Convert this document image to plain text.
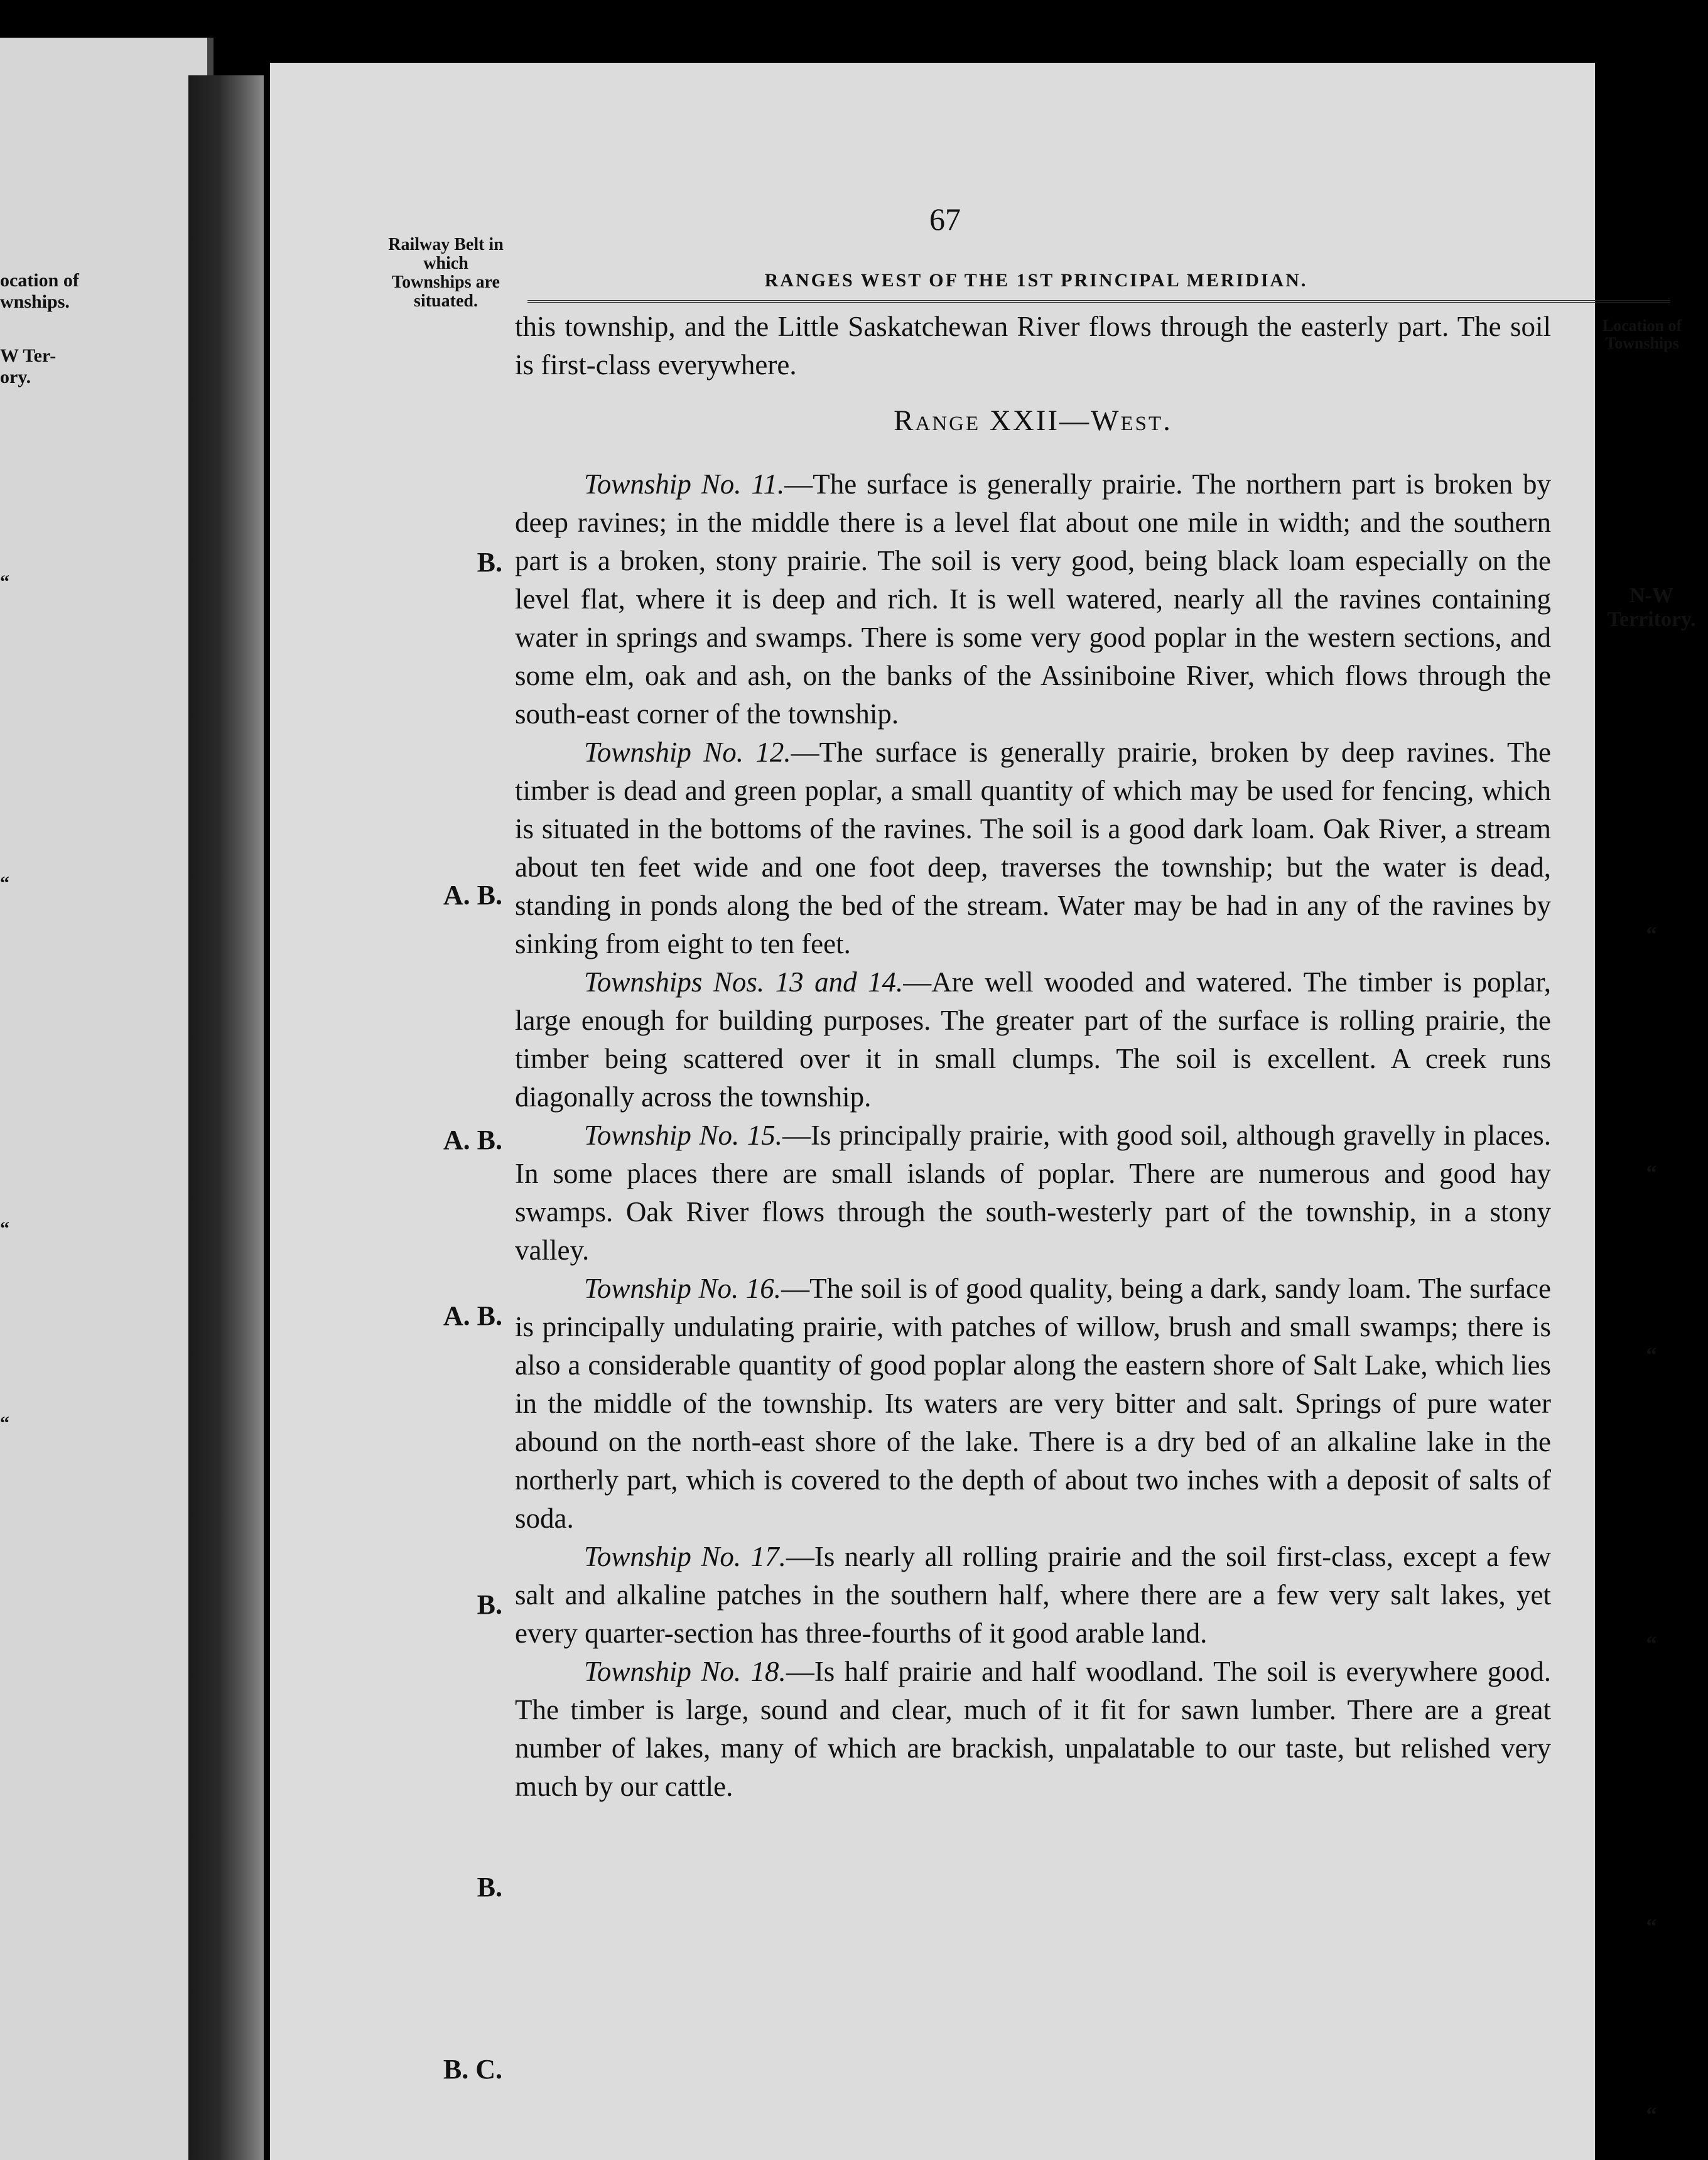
ocation of
wnships.
W Ter-
ory.
“
“
“
“
67
Railway Belt in which Townships are situated.
RANGES WEST OF THE 1ST PRINCIPAL MERIDIAN.
Location of Townships

this township, and the Little Saskatchewan River flows through the easterly part. The soil is first-class everywhere.

Range XXII—West.

Township No. 11.—The surface is generally prairie. The northern part is broken by deep ravines; in the middle there is a level flat about one mile in width; and the southern part is a broken, stony prairie. The soil is very good, being black loam especially on the level flat, where it is deep and rich. It is well watered, nearly all the ravines containing water in springs and swamps. There is some very good poplar in the western sections, and some elm, oak and ash, on the banks of the Assiniboine River, which flows through the south-east corner of the township.

Township No. 12.—The surface is generally prairie, broken by deep ravines. The timber is dead and green poplar, a small quantity of which may be used for fencing, which is situated in the bottoms of the ravines. The soil is a good dark loam. Oak River, a stream about ten feet wide and one foot deep, traverses the township; but the water is dead, standing in ponds along the bed of the stream. Water may be had in any of the ravines by sinking from eight to ten feet.

Townships Nos. 13 and 14.—Are well wooded and watered. The timber is poplar, large enough for building purposes. The greater part of the surface is rolling prairie, the timber being scattered over it in small clumps. The soil is excellent. A creek runs diagonally across the township.

Township No. 15.—Is principally prairie, with good soil, although gravelly in places. In some places there are small islands of poplar. There are numerous and good hay swamps. Oak River flows through the south-westerly part of the township, in a stony valley.

Township No. 16.—The soil is of good quality, being a dark, sandy loam. The surface is principally undulating prairie, with patches of willow, brush and small swamps; there is also a considerable quantity of good poplar along the eastern shore of Salt Lake, which lies in the middle of the township. Its waters are very bitter and salt. Springs of pure water abound on the north-east shore of the lake. There is a dry bed of an alkaline lake in the northerly part, which is covered to the depth of about two inches with a deposit of salts of soda.

Township No. 17.—Is nearly all rolling prairie and the soil first-class, except a few salt and alkaline patches in the southern half, where there are a few very salt lakes, yet every quarter-section has three-fourths of it good arable land.

Township No. 18.—Is half prairie and half woodland. The soil is everywhere good. The timber is large, sound and clear, much of it fit for sawn lumber. There are a great number of lakes, many of which are brackish, unpalatable to our taste, but relished very much by our cattle.

B.
N-W Territory.
A. B.
“
A. B.
“
A. B.
“
B.
“
B.
“
B. C.
“
